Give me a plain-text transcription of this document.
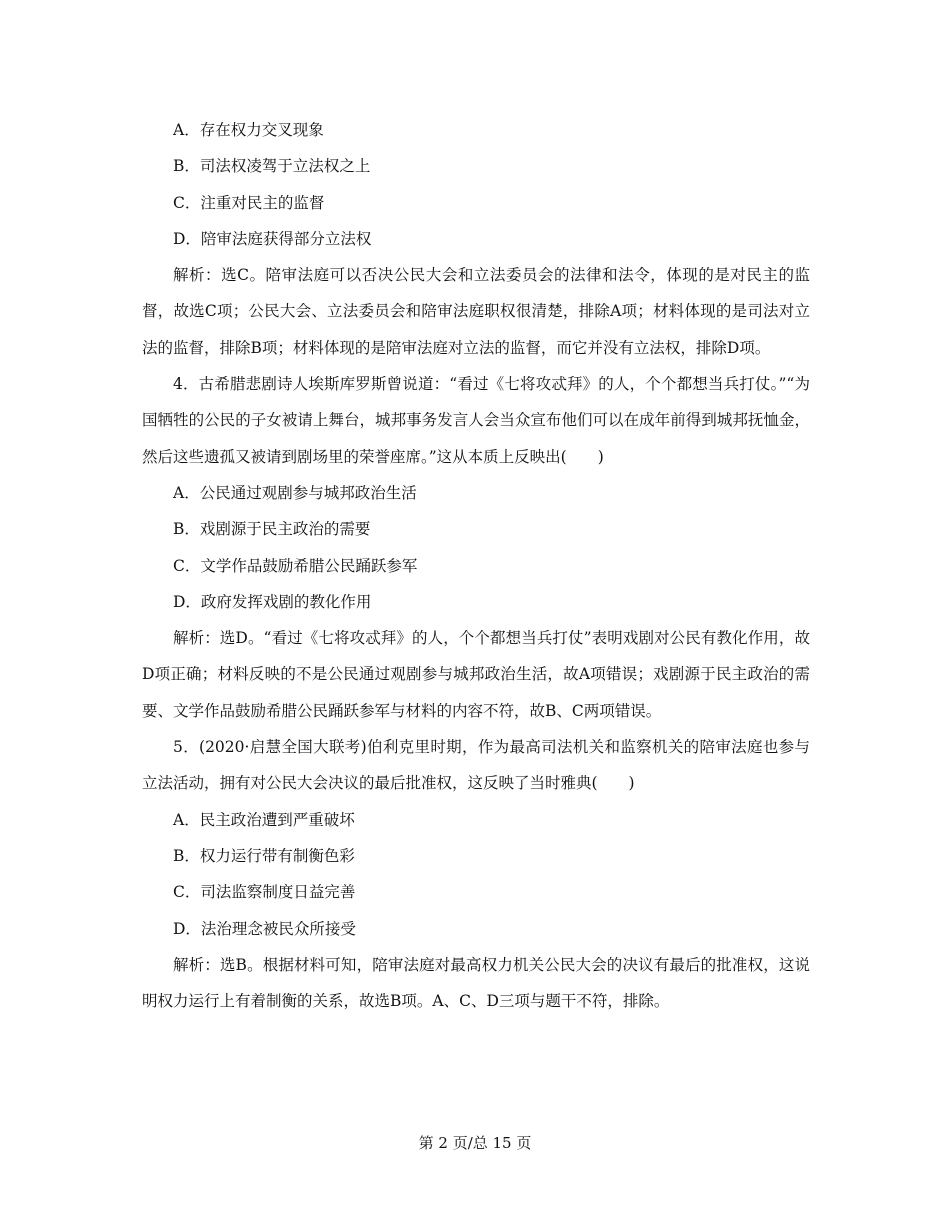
A．存在权力交叉现象

B．司法权凌驾于立法权之上

C．注重对民主的监督

D．陪审法庭获得部分立法权

解析：选C。陪审法庭可以否决公民大会和立法委员会的法律和法令，体现的是对民主的监督，故选C项；公民大会、立法委员会和陪审法庭职权很清楚，排除A项；材料体现的是司法对立法的监督，排除B项；材料体现的是陪审法庭对立法的监督，而它并没有立法权，排除D项。

4．古希腊悲剧诗人埃斯库罗斯曾说道：“看过《七将攻忒拜》的人，个个都想当兵打仗。”“为国牺牲的公民的子女被请上舞台，城邦事务发言人会当众宣布他们可以在成年前得到城邦抚恤金，然后这些遗孤又被请到剧场里的荣誉座席。”这从本质上反映出(　　)

A．公民通过观剧参与城邦政治生活

B．戏剧源于民主政治的需要

C．文学作品鼓励希腊公民踊跃参军

D．政府发挥戏剧的教化作用

解析：选D。“看过《七将攻忒拜》的人，个个都想当兵打仗”表明戏剧对公民有教化作用，故D项正确；材料反映的不是公民通过观剧参与城邦政治生活，故A项错误；戏剧源于民主政治的需要、文学作品鼓励希腊公民踊跃参军与材料的内容不符，故B、C两项错误。

5．(2020·启慧全国大联考)伯利克里时期，作为最高司法机关和监察机关的陪审法庭也参与立法活动，拥有对公民大会决议的最后批准权，这反映了当时雅典(　　)

A．民主政治遭到严重破坏

B．权力运行带有制衡色彩

C．司法监察制度日益完善

D．法治理念被民众所接受

解析：选B。根据材料可知，陪审法庭对最高权力机关公民大会的决议有最后的批准权，这说明权力运行上有着制衡的关系，故选B项。A、C、D三项与题干不符，排除。

第 2 页/总 15 页
